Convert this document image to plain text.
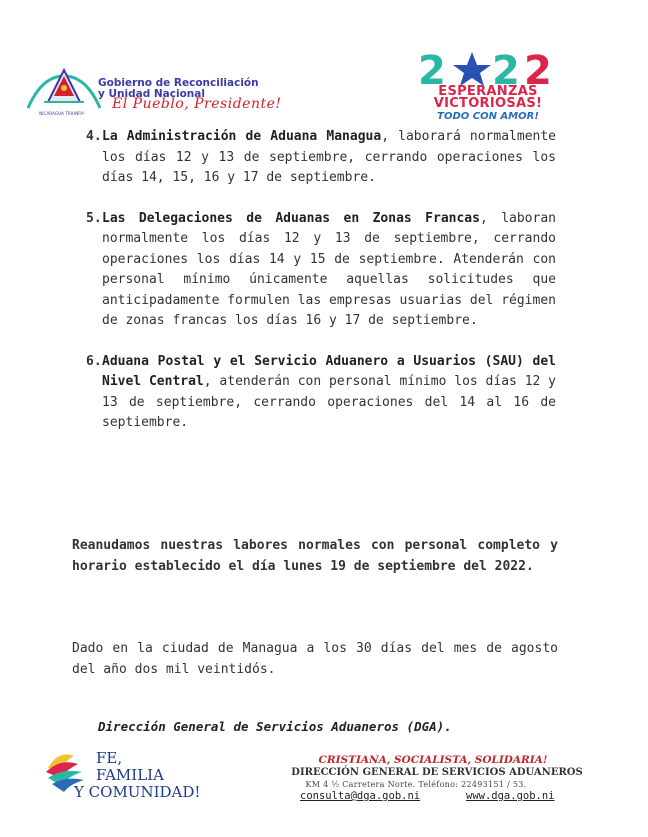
NICARAGUA TRIUNFA!
Gobierno de Reconciliación
y Unidad Nacional
El Pueblo, Presidente!
2 2 2
ESPERANZAS
VICTORIOSAS!
TODO CON AMOR!
4. La Administración de Aduana Managua, laborará normalmente los días 12 y 13 de septiembre, cerrando operaciones los días 14, 15, 16 y 17 de septiembre.
5. Las Delegaciones de Aduanas en Zonas Francas, laboran normalmente los días 12 y 13 de septiembre, cerrando operaciones los días 14 y 15 de septiembre. Atenderán con personal mínimo únicamente aquellas solicitudes que anticipadamente formulen las empresas usuarias del régimen de zonas francas los días 16 y 17 de septiembre.
6. Aduana Postal y el Servicio Aduanero a Usuarios (SAU) del Nivel Central, atenderán con personal mínimo los días 12 y 13 de septiembre, cerrando operaciones del 14 al 16 de septiembre.
Reanudamos nuestras labores normales con personal completo y horario establecido el día lunes 19 de septiembre del 2022.
Dado en la ciudad de Managua a los 30 días del mes de agosto del año dos mil veintidós.
Dirección General de Servicios Aduaneros (DGA).
FE,
FAMILIA
Y COMUNIDAD!
CRISTIANA, SOCIALISTA, SOLIDARIA!
DIRECCIÓN GENERAL DE SERVICIOS ADUANEROS
KM 4 ½ Carretera Norte. Teléfono: 22493151 / 53.
consulta@dga.gob.ni	www.dga.gob.ni
